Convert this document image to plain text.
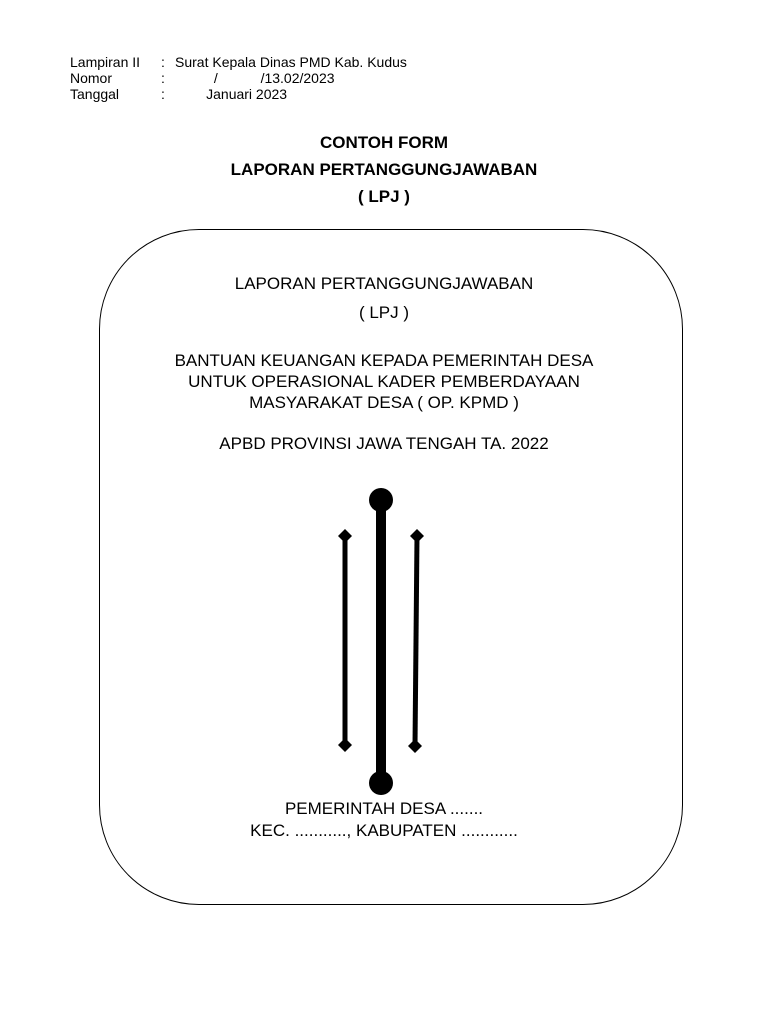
Lampiran II	: Surat Kepala Dinas PMD Kab. Kudus
Nomor	: /           /13.02/2023
Tanggal	: Januari 2023
CONTOH FORM
LAPORAN PERTANGGUNGJAWABAN
( LPJ )
LAPORAN PERTANGGUNGJAWABAN
( LPJ )
BANTUAN KEUANGAN KEPADA PEMERINTAH DESA
UNTUK OPERASIONAL KADER PEMBERDAYAAN
MASYARAKAT DESA ( OP. KPMD )
APBD PROVINSI JAWA TENGAH TA. 2022
PEMERINTAH DESA .......
KEC. ..........., KABUPATEN ............
